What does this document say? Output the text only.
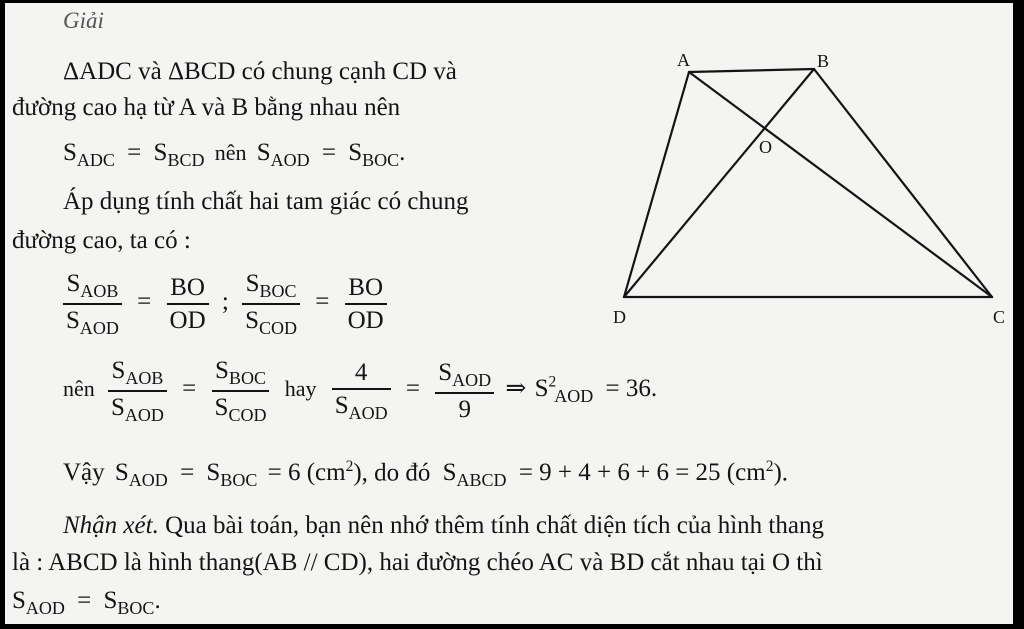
Giải
ΔADC và ΔBCD có chung cạnh CD và
đường cao hạ từ A và B bằng nhau nên
$S_{ADC} = S_{BCD}$ nên $S_{AOD} = S_{BOC}$.
Áp dụng tính chất hai tam giác có chung
đường cao, ta có :
$\frac{S_{AOB}}{S_{AOD}} = \frac{BO}{OD}$ ; $\frac{S_{BOC}}{S_{COD}} = \frac{BO}{OD}$
nên $\frac{S_{AOB}}{S_{AOD}} = \frac{S_{BOC}}{S_{COD}}$ hay $\frac{4}{S_{AOD}} = \frac{S_{AOD}}{9}$ ⇒ $S^2_{AOD} = 36$.
Vậy $S_{AOD} = S_{BOC} = 6$ $(cm^2)$, do đó $S_{ABCD} = 9 + 4 + 6 + 6 = 25$ $(cm^2)$.
Nhận xét. Qua bài toán, bạn nên nhớ thêm tính chất diện tích của hình thang
là : ABCD là hình thang(AB // CD), hai đường chéo AC và BD cắt nhau tại O thì
$S_{AOD} = S_{BOC}$.
A	B
O
C
D
